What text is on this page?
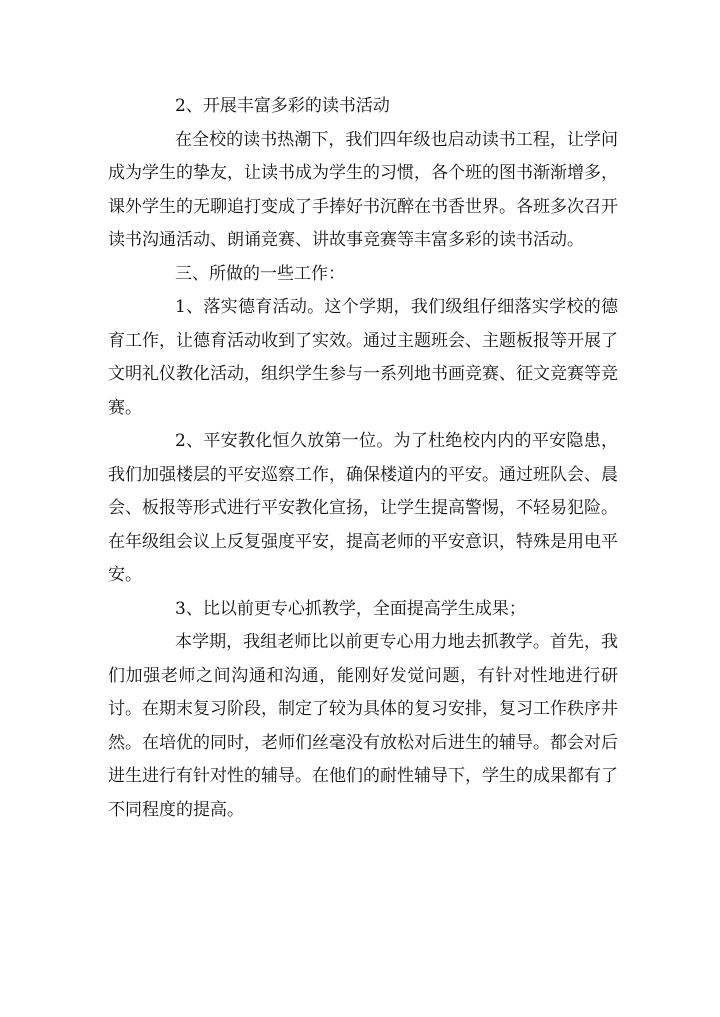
2、开展丰富多彩的读书活动

在全校的读书热潮下，我们四年级也启动读书工程，让学问成为学生的挚友，让读书成为学生的习惯，各个班的图书渐渐增多，课外学生的无聊追打变成了手捧好书沉醉在书香世界。各班多次召开读书沟通活动、朗诵竞赛、讲故事竞赛等丰富多彩的读书活动。

三、所做的一些工作：

1、落实德育活动。这个学期，我们级组仔细落实学校的德育工作，让德育活动收到了实效。通过主题班会、主题板报等开展了文明礼仪教化活动，组织学生参与一系列地书画竞赛、征文竞赛等竞赛。

2、平安教化恒久放第一位。为了杜绝校内内的平安隐患，我们加强楼层的平安巡察工作，确保楼道内的平安。通过班队会、晨会、板报等形式进行平安教化宣扬，让学生提高警惕，不轻易犯险。在年级组会议上反复强度平安，提高老师的平安意识，特殊是用电平安。

3、比以前更专心抓教学，全面提高学生成果；

本学期，我组老师比以前更专心用力地去抓教学。首先，我们加强老师之间沟通和沟通，能刚好发觉问题，有针对性地进行研讨。在期末复习阶段，制定了较为具体的复习安排，复习工作秩序井然。在培优的同时，老师们丝毫没有放松对后进生的辅导。都会对后进生进行有针对性的辅导。在他们的耐性辅导下，学生的成果都有了不同程度的提高。
